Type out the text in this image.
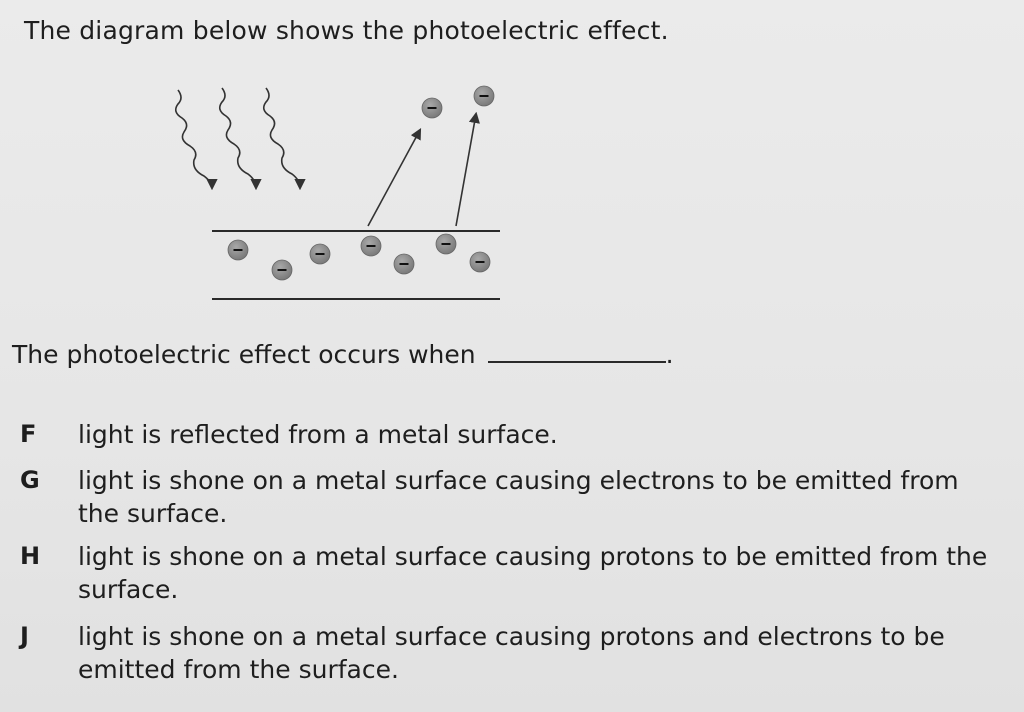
The diagram below shows the photoelectric effect.
The photoelectric effect occurs when	.
F	light is reflected from a metal surface.
G	light is shone on a metal surface causing electrons to be emitted from the surface.
H	light is shone on a metal surface causing protons to be emitted from the surface.
J	light is shone on a metal surface causing protons and electrons to be emitted from the surface.
